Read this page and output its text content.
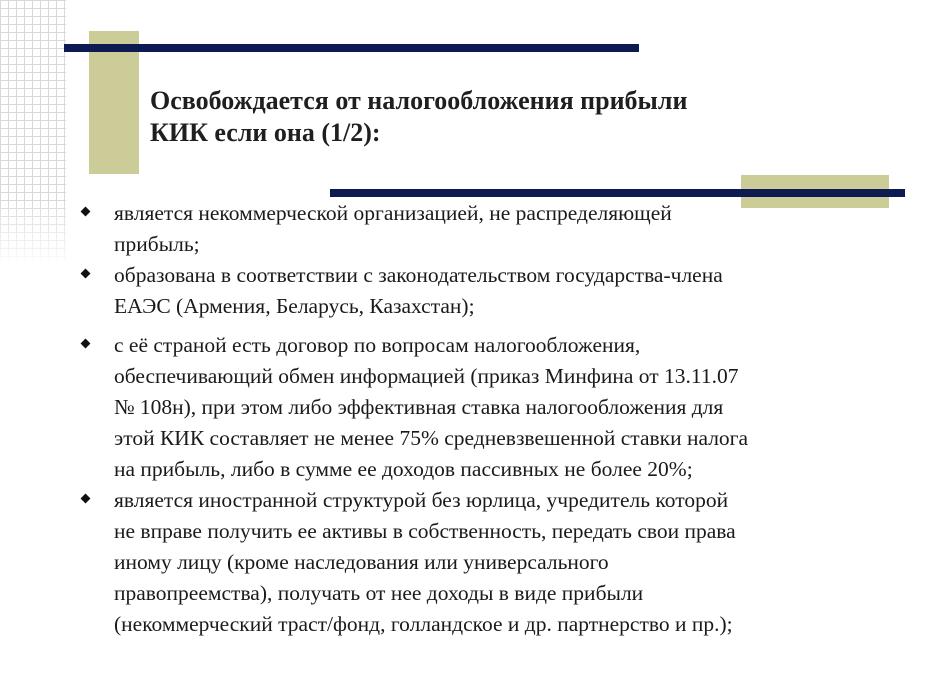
Освобождается от налогообложения прибыли
КИК если она (1/2):
является некоммерческой организацией, не распределяющей
прибыль;
образована в соответствии с законодательством государства-члена
ЕАЭС (Армения, Беларусь, Казахстан);
с её страной есть договор по вопросам налогообложения,
обеспечивающий обмен информацией (приказ Минфина от 13.11.07
№ 108н), при этом либо эффективная ставка налогообложения для
этой КИК составляет не менее 75% средневзвешенной ставки налога
на прибыль, либо в сумме ее доходов пассивных не более 20%;
является иностранной структурой без юрлица, учредитель которой
не вправе получить ее активы в собственность, передать свои права
иному лицу (кроме наследования или универсального
правопреемства), получать от нее доходы в виде прибыли
(некоммерческий траст/фонд, голландское и др. партнерство и пр.);
